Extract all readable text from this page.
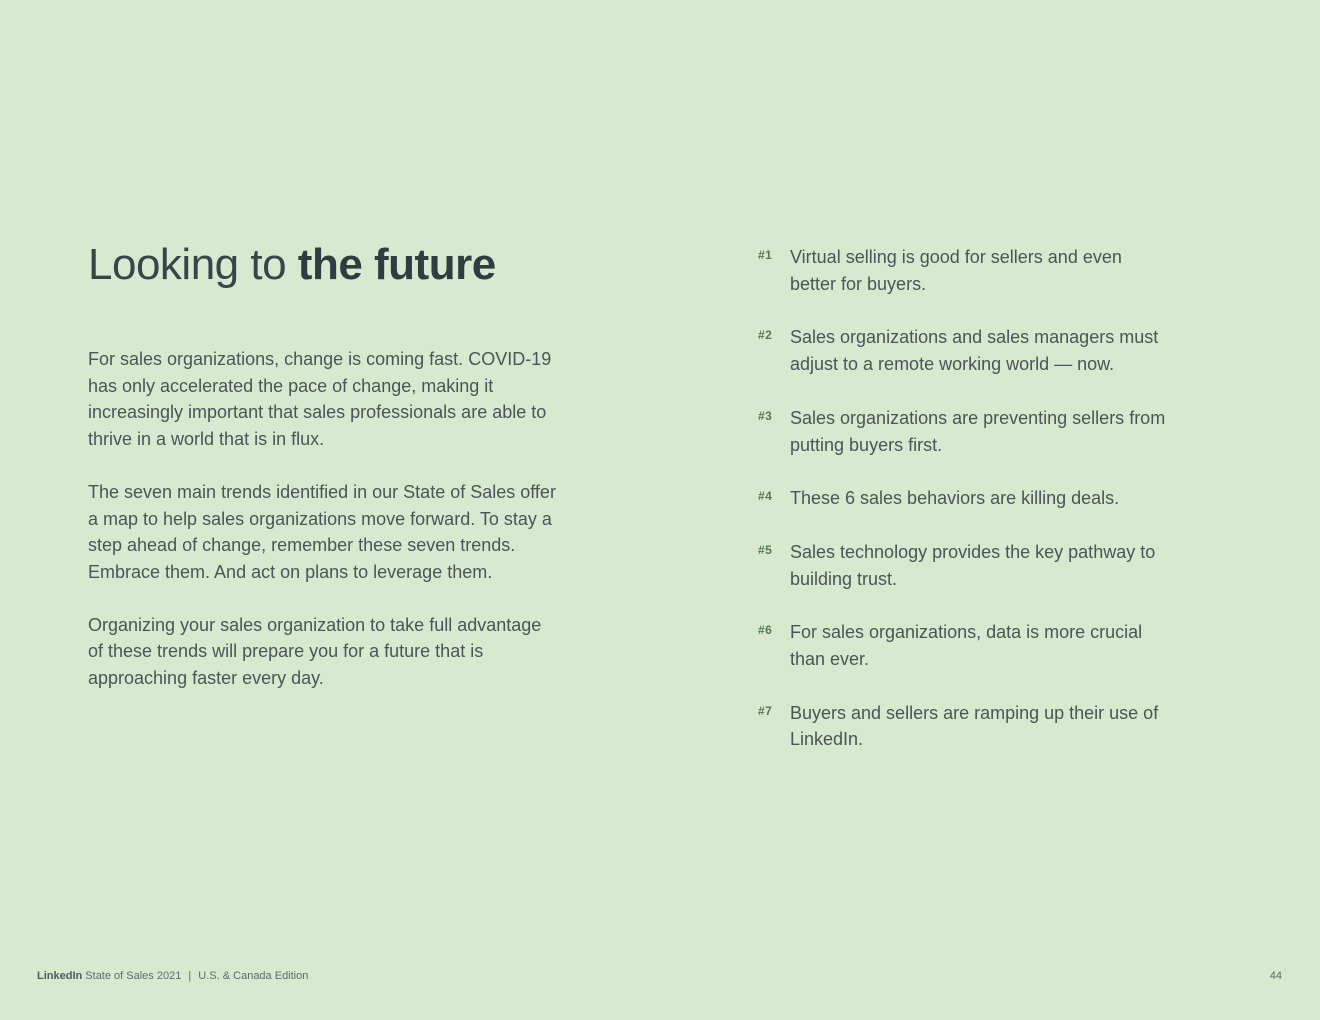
Looking to the future

For sales organizations, change is coming fast. COVID-19 has only accelerated the pace of change, making it increasingly important that sales professionals are able to thrive in a world that is in flux.

The seven main trends identified in our State of Sales offer a map to help sales organizations move forward. To stay a step ahead of change, remember these seven trends. Embrace them. And act on plans to leverage them.

Organizing your sales organization to take full advantage of these trends will prepare you for a future that is approaching faster every day.

#1 Virtual selling is good for sellers and even better for buyers.
#2 Sales organizations and sales managers must adjust to a remote working world — now.
#3 Sales organizations are preventing sellers from putting buyers first.
#4 These 6 sales behaviors are killing deals.
#5 Sales technology provides the key pathway to building trust.
#6 For sales organizations, data is more crucial than ever.
#7 Buyers and sellers are ramping up their use of LinkedIn.
LinkedIn State of Sales 2021 | U.S. & Canada Edition	44
